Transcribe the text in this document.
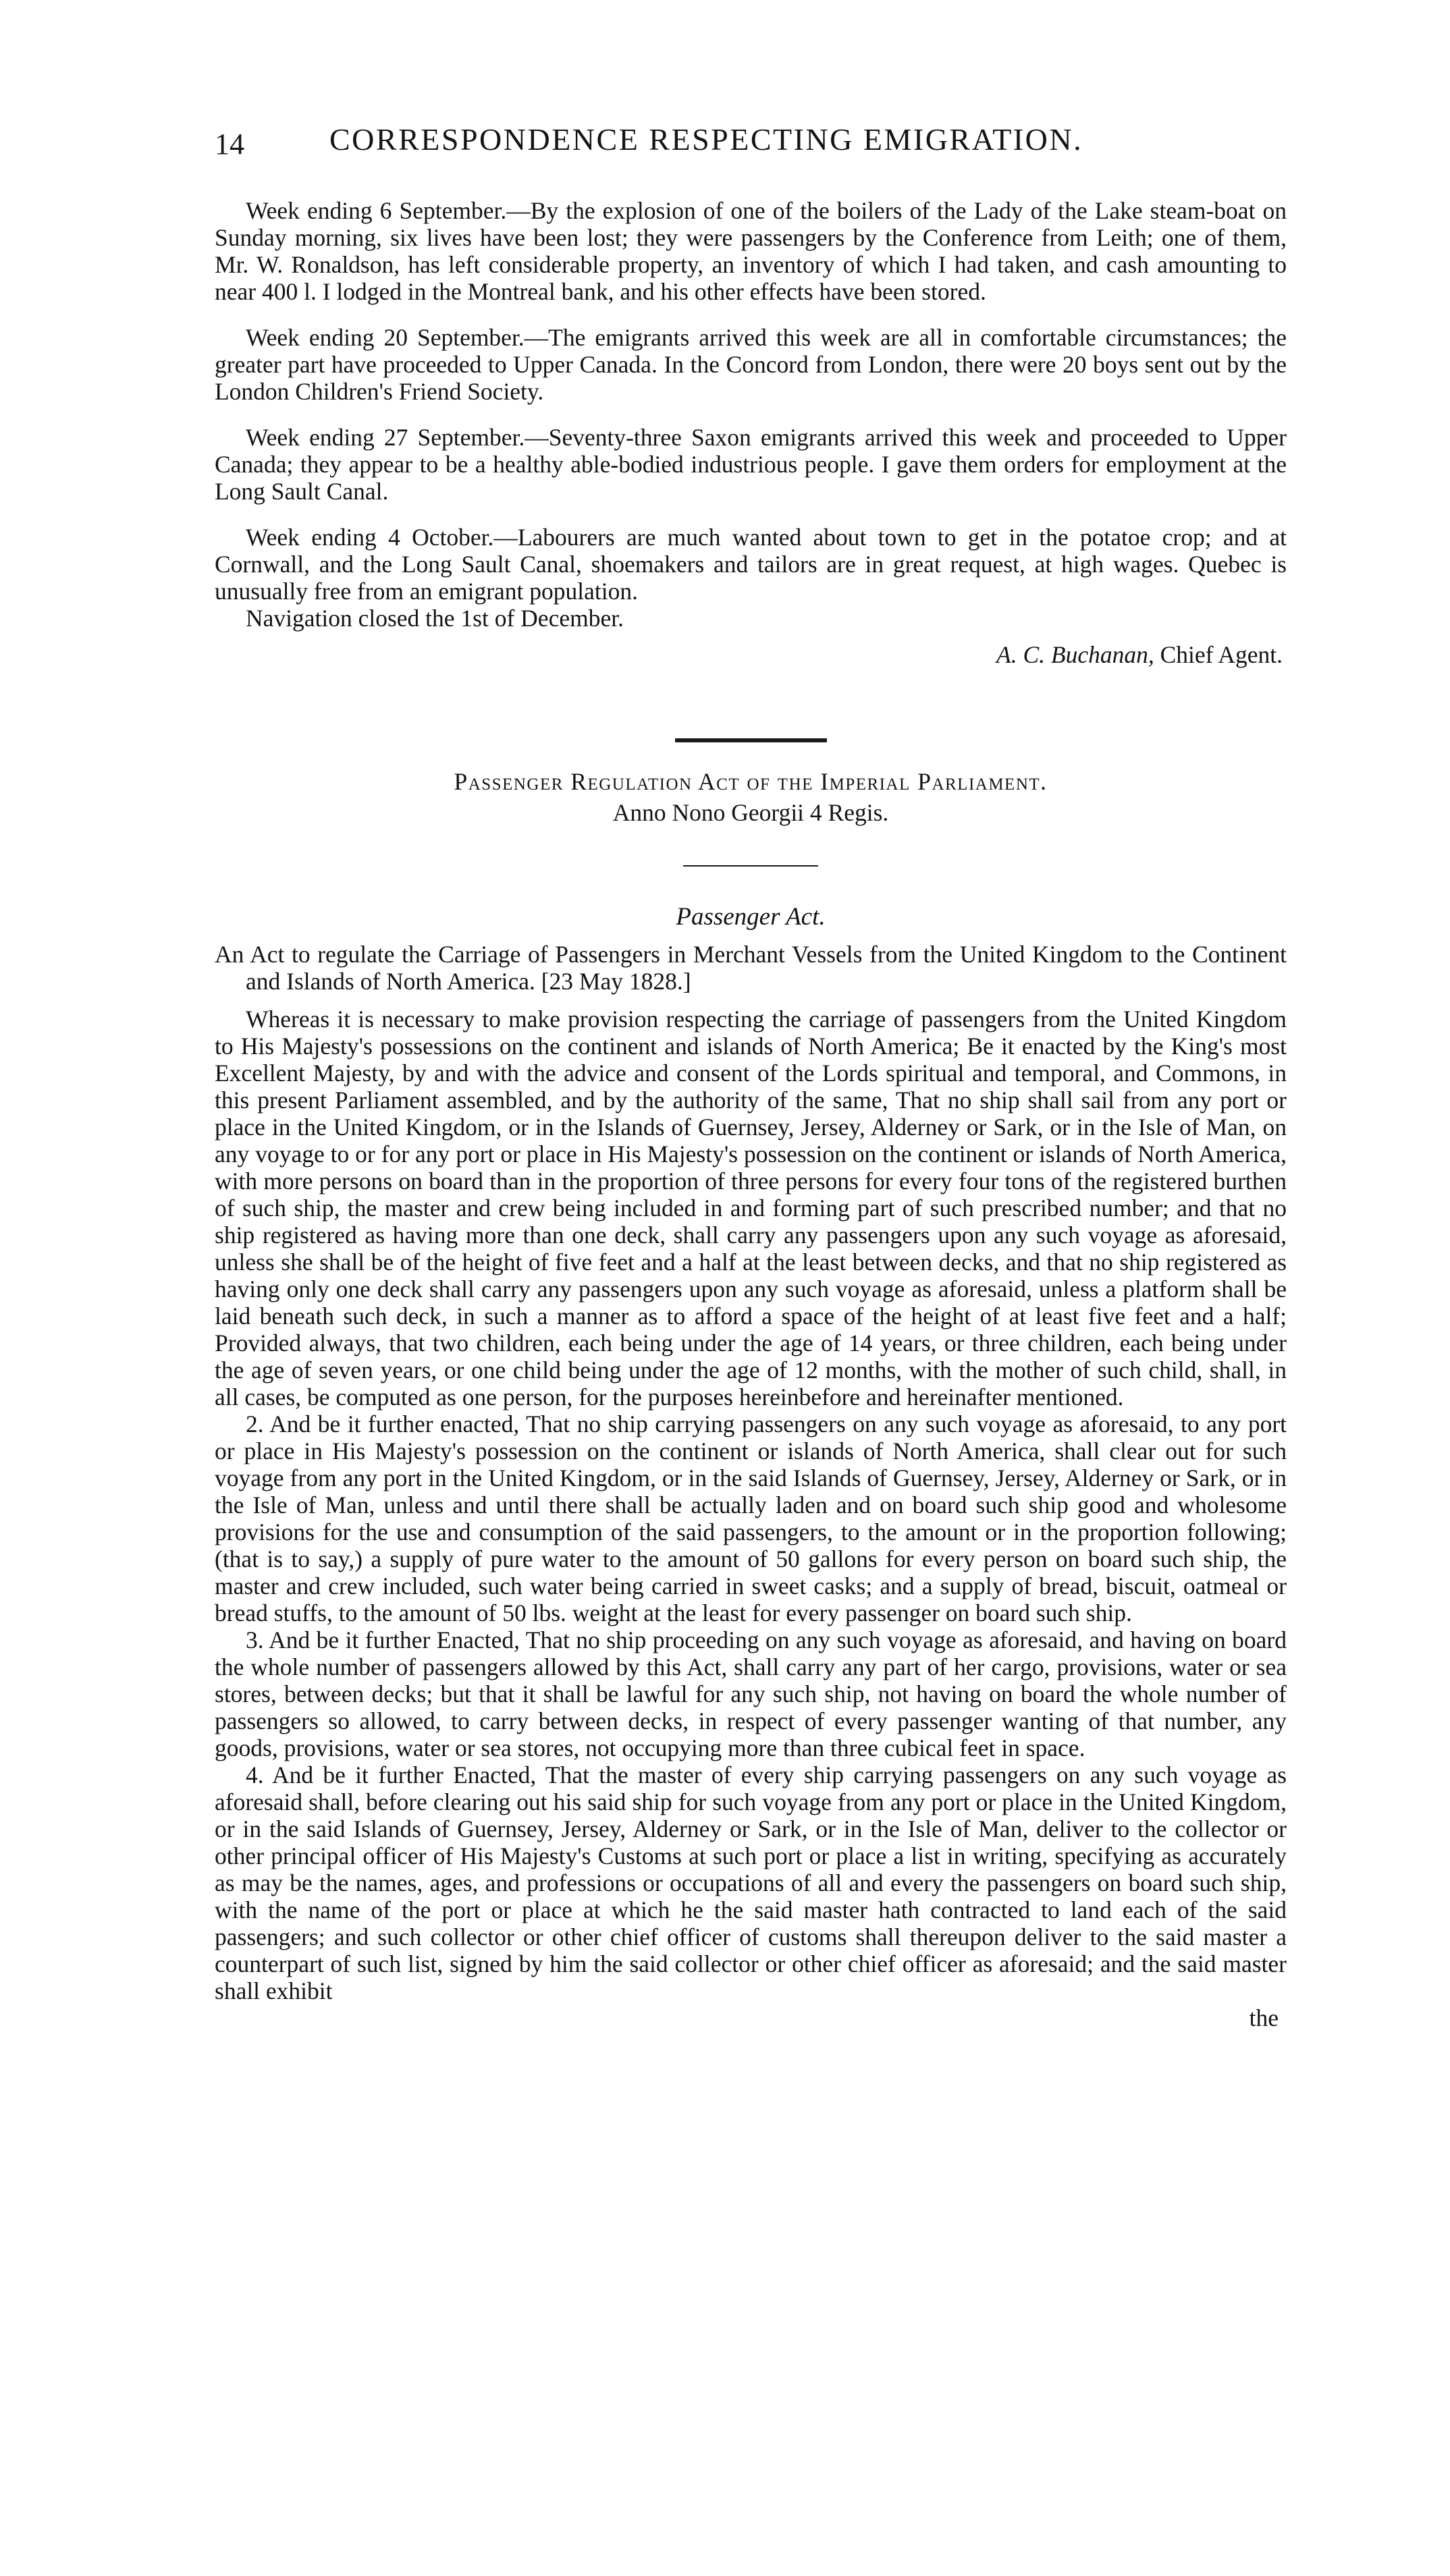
14	CORRESPONDENCE RESPECTING EMIGRATION.

Week ending 6 September.—By the explosion of one of the boilers of the Lady of the Lake steam-boat on Sunday morning, six lives have been lost; they were passengers by the Conference from Leith; one of them, Mr. W. Ronaldson, has left considerable property, an inventory of which I had taken, and cash amounting to near 400 l. I lodged in the Montreal bank, and his other effects have been stored.

Week ending 20 September.—The emigrants arrived this week are all in comfortable circumstances; the greater part have proceeded to Upper Canada. In the Concord from London, there were 20 boys sent out by the London Children's Friend Society.

Week ending 27 September.—Seventy-three Saxon emigrants arrived this week and proceeded to Upper Canada; they appear to be a healthy able-bodied industrious people. I gave them orders for employment at the Long Sault Canal.

Week ending 4 October.—Labourers are much wanted about town to get in the potatoe crop; and at Cornwall, and the Long Sault Canal, shoemakers and tailors are in great request, at high wages. Quebec is unusually free from an emigrant population.

Navigation closed the 1st of December.

A. C. Buchanan, Chief Agent.
Passenger Regulation Act of the Imperial Parliament.
Anno Nono Georgii 4 Regis.
Passenger Act.

An Act to regulate the Carriage of Passengers in Merchant Vessels from the United Kingdom to the Continent and Islands of North America. [23 May 1828.]

Whereas it is necessary to make provision respecting the carriage of passengers from the United Kingdom to His Majesty's possessions on the continent and islands of North America; Be it enacted by the King's most Excellent Majesty, by and with the advice and consent of the Lords spiritual and temporal, and Commons, in this present Parliament assembled, and by the authority of the same, That no ship shall sail from any port or place in the United Kingdom, or in the Islands of Guernsey, Jersey, Alderney or Sark, or in the Isle of Man, on any voyage to or for any port or place in His Majesty's possession on the continent or islands of North America, with more persons on board than in the proportion of three persons for every four tons of the registered burthen of such ship, the master and crew being included in and forming part of such prescribed number; and that no ship registered as having more than one deck, shall carry any passengers upon any such voyage as aforesaid, unless she shall be of the height of five feet and a half at the least between decks, and that no ship registered as having only one deck shall carry any passengers upon any such voyage as aforesaid, unless a platform shall be laid beneath such deck, in such a manner as to afford a space of the height of at least five feet and a half; Provided always, that two children, each being under the age of 14 years, or three children, each being under the age of seven years, or one child being under the age of 12 months, with the mother of such child, shall, in all cases, be computed as one person, for the purposes hereinbefore and hereinafter mentioned.

2. And be it further enacted, That no ship carrying passengers on any such voyage as aforesaid, to any port or place in His Majesty's possession on the continent or islands of North America, shall clear out for such voyage from any port in the United Kingdom, or in the said Islands of Guernsey, Jersey, Alderney or Sark, or in the Isle of Man, unless and until there shall be actually laden and on board such ship good and wholesome provisions for the use and consumption of the said passengers, to the amount or in the proportion following; (that is to say,) a supply of pure water to the amount of 50 gallons for every person on board such ship, the master and crew included, such water being carried in sweet casks; and a supply of bread, biscuit, oatmeal or bread stuffs, to the amount of 50 lbs. weight at the least for every passenger on board such ship.

3. And be it further Enacted, That no ship proceeding on any such voyage as aforesaid, and having on board the whole number of passengers allowed by this Act, shall carry any part of her cargo, provisions, water or sea stores, between decks; but that it shall be lawful for any such ship, not having on board the whole number of passengers so allowed, to carry between decks, in respect of every passenger wanting of that number, any goods, provisions, water or sea stores, not occupying more than three cubical feet in space.

4. And be it further Enacted, That the master of every ship carrying passengers on any such voyage as aforesaid shall, before clearing out his said ship for such voyage from any port or place in the United Kingdom, or in the said Islands of Guernsey, Jersey, Alderney or Sark, or in the Isle of Man, deliver to the collector or other principal officer of His Majesty's Customs at such port or place a list in writing, specifying as accurately as may be the names, ages, and professions or occupations of all and every the passengers on board such ship, with the name of the port or place at which he the said master hath contracted to land each of the said passengers; and such collector or other chief officer of customs shall thereupon deliver to the said master a counterpart of such list, signed by him the said collector or other chief officer as aforesaid; and the said master shall exhibit

the
